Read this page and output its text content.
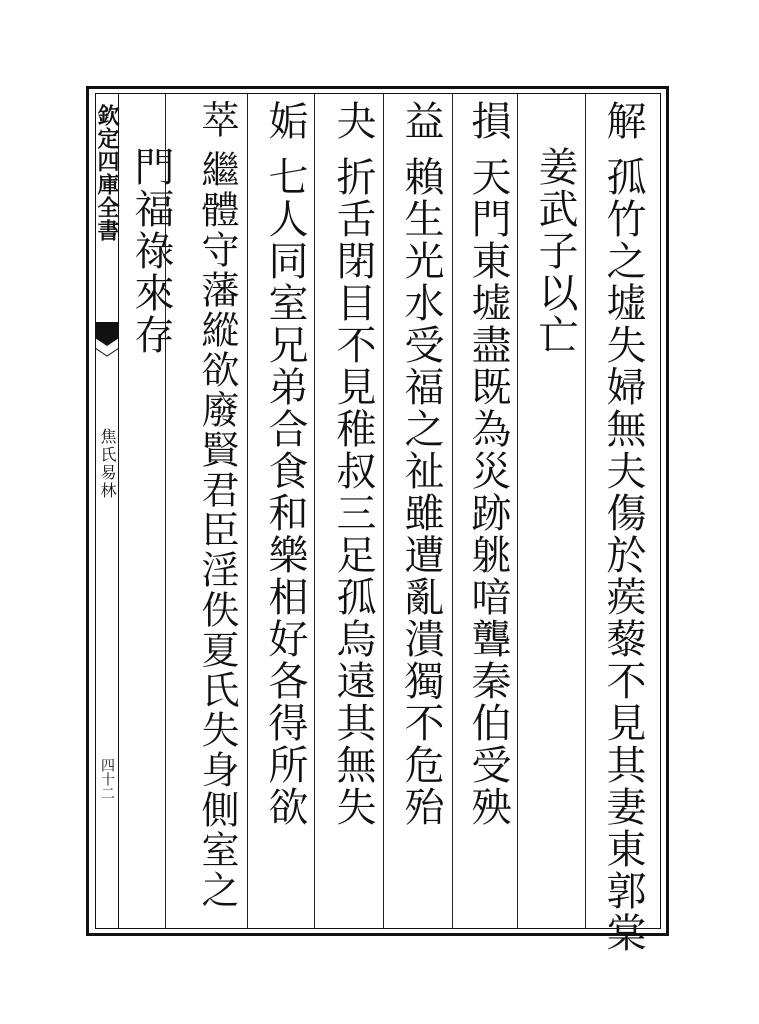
欽定四庫全書
焦氏易林
四十二
解孤竹之墟失婦無夫傷於蒺藜不見其妻東郭棠
姜武子以亡
損天門東墟盡既為災跡䠷喑聾秦伯受殃
益賴生光水受福之祉雖遭亂潰獨不危殆
夬折舌閉目不見稚叔三足孤烏遠其無失
姤七人同室兄弟合食和樂相好各得所欲
萃繼體守藩縱欲廢賢君臣淫佚夏氏失身側室之
門福祿來存
